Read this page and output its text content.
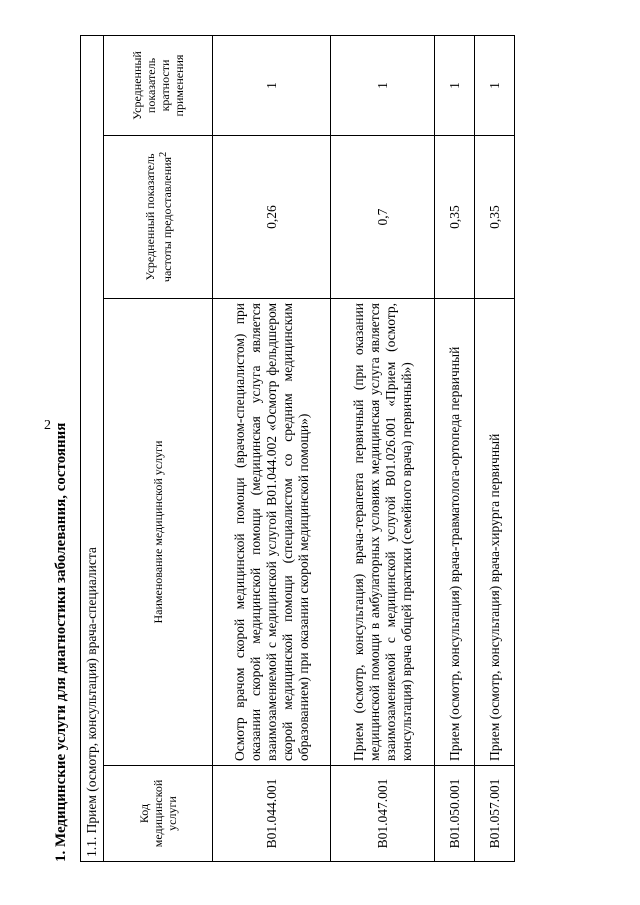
2 1. Медицинские услуги для диагностики заболевания, состояния 1.1. Прием (осмотр, консультация) врача-специалиста			
Код медицинской услуги	Наименование медицинской услуги	Усредненный показатель частоты предоставления$^2$	Усредненный показатель кратности применения
B01.044.001	Осмотр врачом скорой медицинской помощи (врачом-специалистом) при оказании скорой медицинской помощи (медицинская услуга является взаимозаменяемой с медицинской услугой B01.044.002 «Осмотр фельдшером скорой медицинской помощи (специалистом со средним медицинским образованием) при оказании скорой медицинской помощи»)	0,26	1
B01.047.001	Прием (осмотр, консультация) врача-терапевта первичный (при оказании медицинской помощи в амбулаторных условиях медицинская услуга является взаимозаменяемой с медицинской услугой B01.026.001 «Прием (осмотр, консультация) врача общей практики (семейного врача) первичный»)	0,7	1
B01.050.001	Прием (осмотр, консультация) врача-травматолога-ортопеда первичный	0,35	1
B01.057.001	Прием (осмотр, консультация) врача-хирурга первичный	0,35	1
